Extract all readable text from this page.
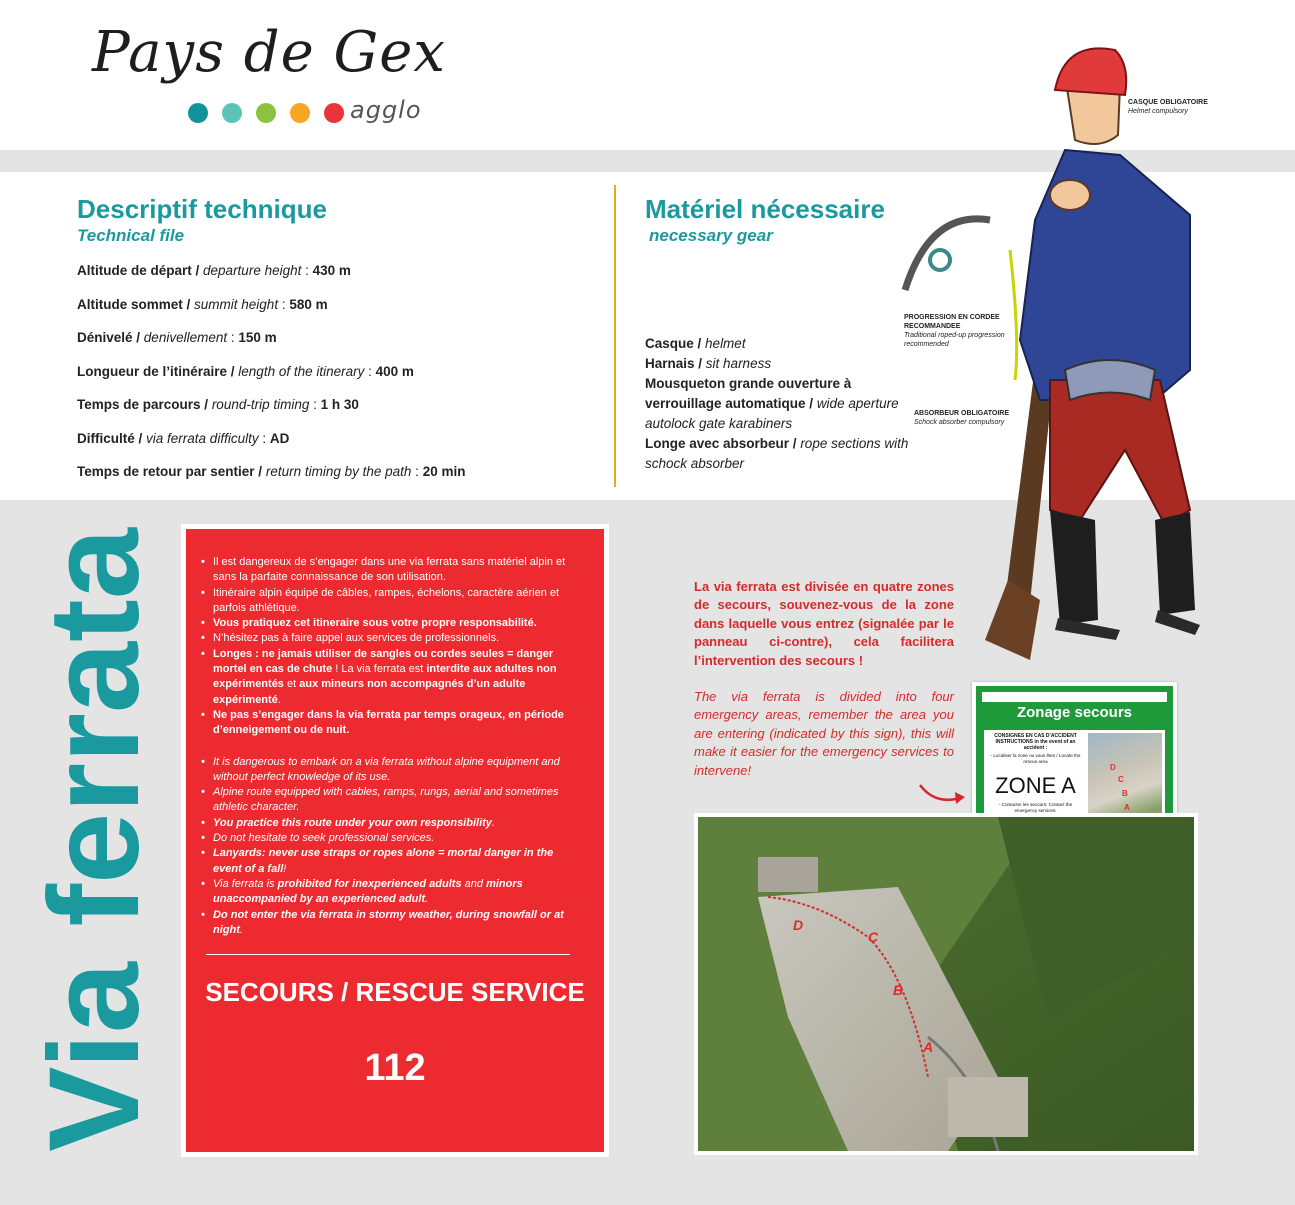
Pays de Gex
agglo
Descriptif technique
Technical file
Altitude de départ / departure height : 430 m
Altitude sommet / summit height : 580 m
Dénivelé / denivellement : 150 m
Longueur de l’itinéraire / length of the itinerary : 400 m
Temps de parcours / round-trip timing : 1 h 30
Difficulté / via ferrata difficulty : AD
Temps de retour par sentier / return timing by the path : 20 min
Matériel nécessaire
necessary gear
Casque / helmet
Harnais / sit harness
Mousqueton grande ouverture à verrouillage automatique / wide aperture autolock gate karabiners
Longe avec absorbeur / rope sections with schock absorber
CASQUE OBLIGATOIRE
Helmet compulsory
PROGRESSION EN CORDEE RECOMMANDEE
Traditional roped-up progression recommended
ABSORBEUR OBLIGATOIRE
Schock absorber compulsory
Via ferrata
•	Il est dangereux de s’engager dans une via ferrata sans matériel alpin et sans la parfaite connaissance de son utilisation.
• Itinéraire alpin équipé de câbles, rampes, échelons, caractère aérien et parfois athlétique.
• Vous pratiquez cet itineraire sous votre propre responsabilité.
• N’hésitez pas à faire appel aux services de professionnels.
• Longes : ne jamais utiliser de sangles ou cordes seules = danger mortel en cas de chute ! La via ferrata est interdite aux adultes non expérimentés et aux mineurs non accompagnés d’un adulte expérimenté.
• Ne pas s’engager dans la via ferrata par temps orageux, en période d’enneigement ou de nuit.
• It is dangerous to embark on a via ferrata without alpine equipment and without perfect knowledge of its use.
• Alpine route equipped with cables, ramps, rungs, aerial and sometimes athletic character.
• You practice this route under your own responsibility.
• Do not hesitate to seek professional services.
• Lanyards: never use straps or ropes alone = mortal danger in the event of a fall!
• Via ferrata is prohibited for inexperienced adults and minors unaccompanied by an experienced adult.
• Do not enter the via ferrata in stormy weather, during snowfall or at night.
SECOURS / RESCUE SERVICE
112
La via ferrata est divisée en quatre zones de secours, souvenez-vous de la zone dans laquelle vous entrez (signalée par le panneau ci-contre), cela facilitera l’intervention des secours !
The via ferrata is divided into four emergency areas, remember the area you are entering (indicated by this sign), this will make it easier for the emergency services to intervene!
Zonage secours
CONSIGNES EN CAS D’ACCIDENT INSTRUCTIONS in the event of an accident :
- Localiser la zone ou vous êtes / Locate the rescue area
ZONE A
- Contacter les secours: Contact the emergency services:
D
C
B
A
D
C
B
A
